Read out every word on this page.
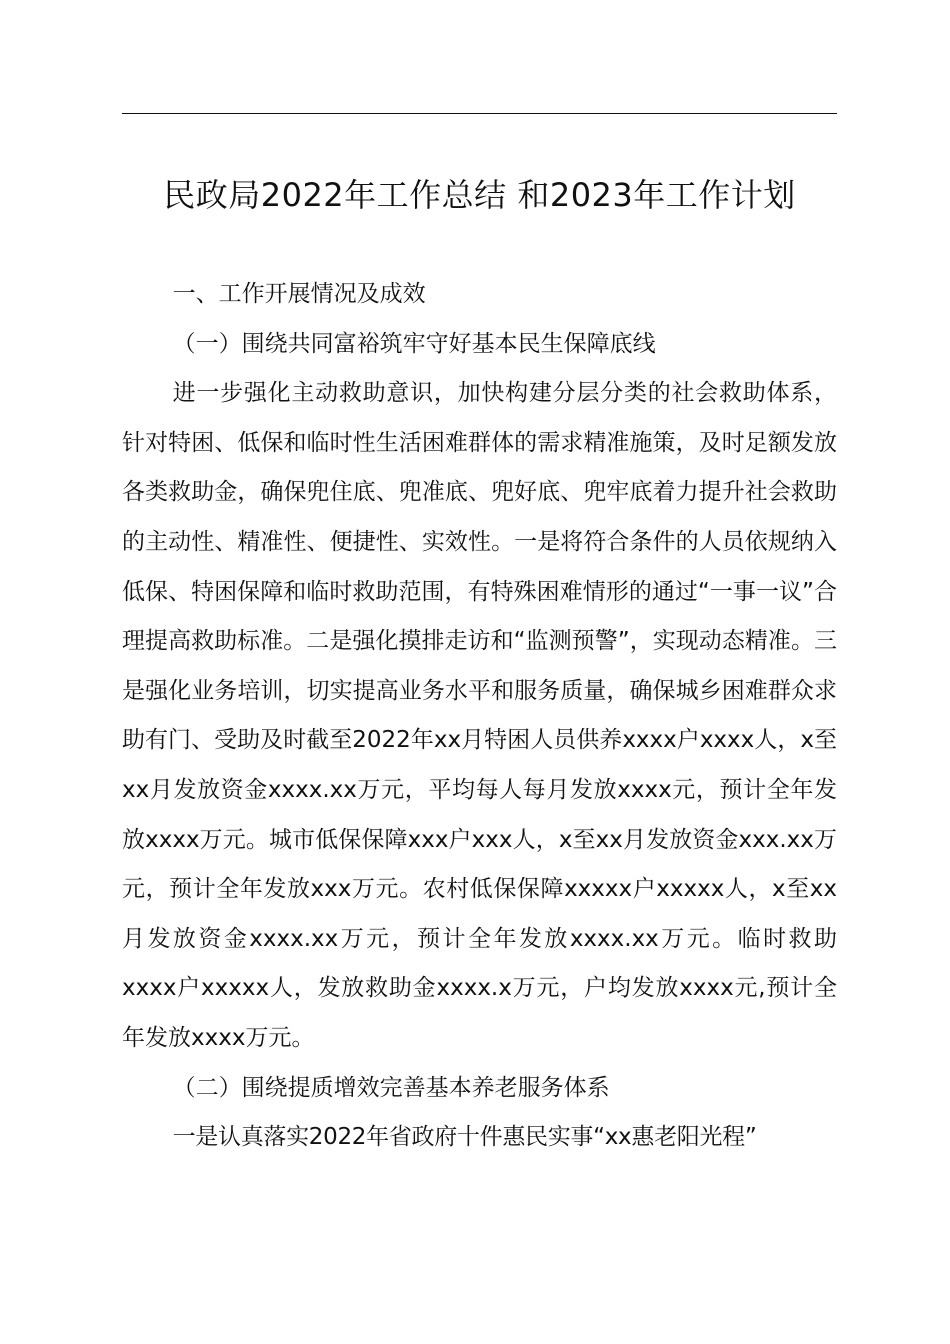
民政局2022年工作总结 和2023年工作计划

一、工作开展情况及成效

（一）围绕共同富裕筑牢守好基本民生保障底线

进一步强化主动救助意识，加快构建分层分类的社会救助体系，针对特困、低保和临时性生活困难群体的需求精准施策，及时足额发放各类救助金，确保兜住底、兜准底、兜好底、兜牢底着力提升社会救助的主动性、精准性、便捷性、实效性。一是将符合条件的人员依规纳入低保、特困保障和临时救助范围，有特殊困难情形的通过“一事一议”合理提高救助标准。二是强化摸排走访和“监测预警”，实现动态精准。三是强化业务培训，切实提高业务水平和服务质量，确保城乡困难群众求助有门、受助及时截至2022年xx月特困人员供养xxxx户xxxx人，x至xx月发放资金xxxx.xx万元，平均每人每月发放xxxx元，预计全年发放xxxx万元。城市低保保障xxx户xxx人，x至xx月发放资金xxx.xx万元，预计全年发放xxx万元。农村低保保障xxxxx户xxxxx人，x至xx月发放资金xxxx.xx万元，预计全年发放xxxx.xx万元。临时救助xxxx户xxxxx人，发放救助金xxxx.x万元，户均发放xxxx元,预计全年发放xxxx万元。

（二）围绕提质增效完善基本养老服务体系

一是认真落实2022年省政府十件惠民实事“xx惠老阳光程”
